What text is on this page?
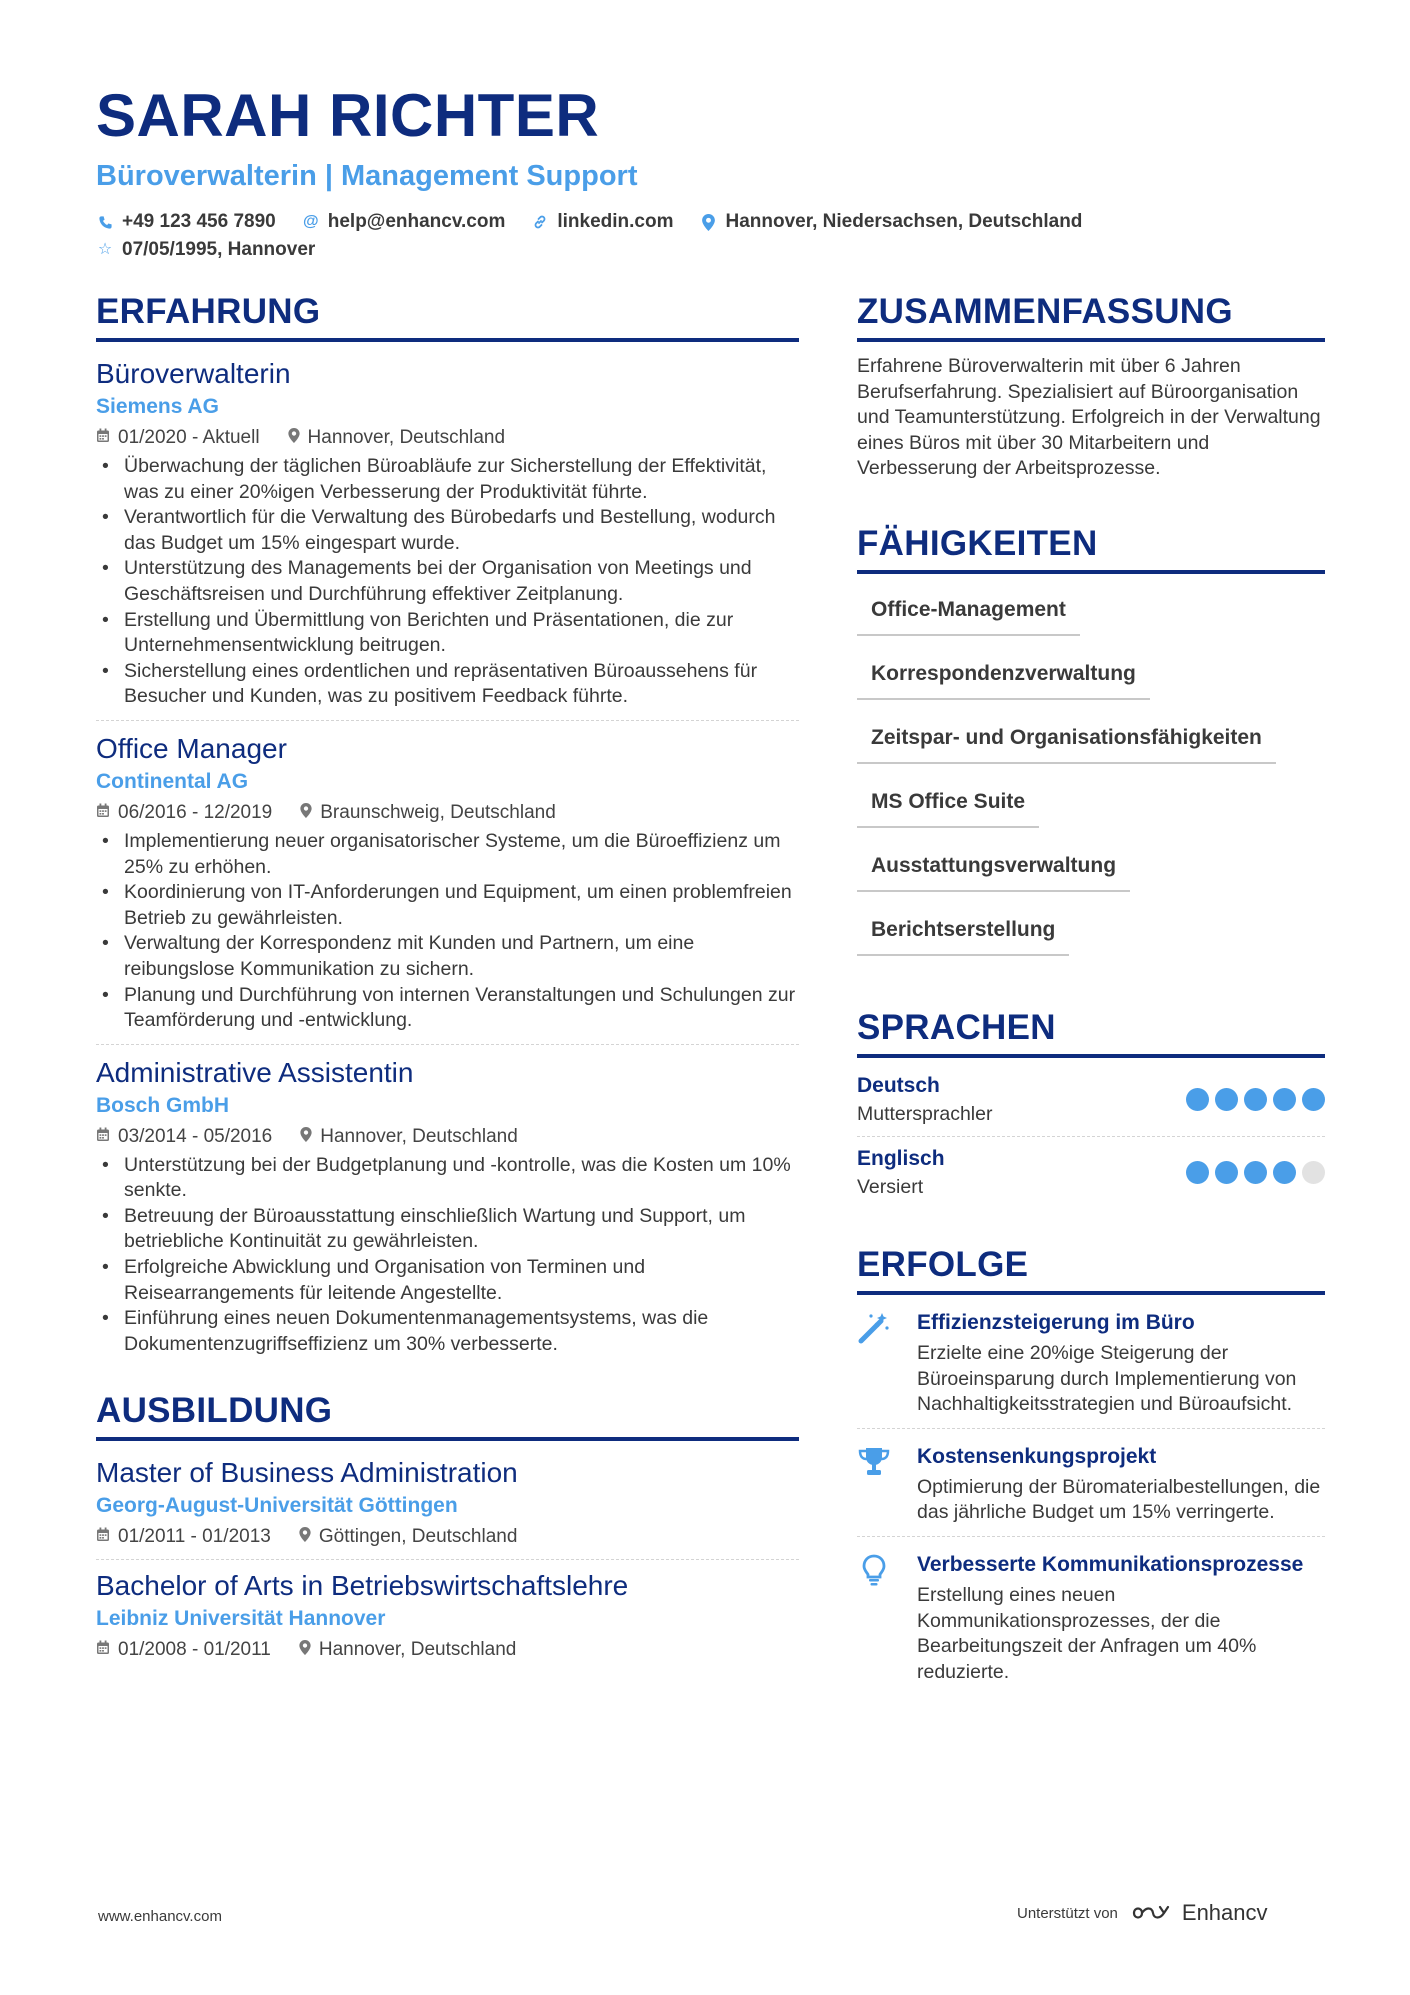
SARAH RICHTER
Büroverwalterin | Management Support
+49 123 456 7890 @ help@enhancv.com	linkedin.com	Hannover, Niedersachsen, Deutschland
☆ 07/05/1995, Hannover
ERFAHRUNG
Büroverwalterin
Siemens AG
01/2020 - Aktuell	Hannover, Deutschland
• Überwachung der täglichen Büroabläufe zur Sicherstellung der Effektivität, was zu einer 20%igen Verbesserung der Produktivität führte.
• Verantwortlich für die Verwaltung des Bürobedarfs und Bestellung, wodurch das Budget um 15% eingespart wurde.
• Unterstützung des Managements bei der Organisation von Meetings und Geschäftsreisen und Durchführung effektiver Zeitplanung.
• Erstellung und Übermittlung von Berichten und Präsentationen, die zur Unternehmensentwicklung beitrugen.
• Sicherstellung eines ordentlichen und repräsentativen Büroaussehens für Besucher und Kunden, was zu positivem Feedback führte.
Office Manager
Continental AG
06/2016 - 12/2019	Braunschweig, Deutschland
• Implementierung neuer organisatorischer Systeme, um die Büroeffizienz um 25% zu erhöhen.
• Koordinierung von IT-Anforderungen und Equipment, um einen problemfreien Betrieb zu gewährleisten.
• Verwaltung der Korrespondenz mit Kunden und Partnern, um eine reibungslose Kommunikation zu sichern.
• Planung und Durchführung von internen Veranstaltungen und Schulungen zur Teamförderung und -entwicklung.
Administrative Assistentin
Bosch GmbH
03/2014 - 05/2016	Hannover, Deutschland
• Unterstützung bei der Budgetplanung und -kontrolle, was die Kosten um 10% senkte.
• Betreuung der Büroausstattung einschließlich Wartung und Support, um betriebliche Kontinuität zu gewährleisten.
• Erfolgreiche Abwicklung und Organisation von Terminen und Reisearrangements für leitende Angestellte.
• Einführung eines neuen Dokumentenmanagementsystems, was die Dokumentenzugriffseffizienz um 30% verbesserte.
AUSBILDUNG
Master of Business Administration
Georg-August-Universität Göttingen
01/2011 - 01/2013	Göttingen, Deutschland
Bachelor of Arts in Betriebswirtschaftslehre
Leibniz Universität Hannover
01/2008 - 01/2011	Hannover, Deutschland
ZUSAMMENFASSUNG
Erfahrene Büroverwalterin mit über 6 Jahren Berufserfahrung. Spezialisiert auf Büroorganisation und Teamunterstützung. Erfolgreich in der Verwaltung eines Büros mit über 30 Mitarbeitern und Verbesserung der Arbeitsprozesse.
FÄHIGKEITEN
Office-Management
Korrespondenzverwaltung
Zeitspar- und Organisationsfähigkeiten
MS Office Suite
Ausstattungsverwaltung
Berichtserstellung
SPRACHEN
Deutsch
Muttersprachler
Englisch
Versiert
ERFOLGE
Effizienzsteigerung im Büro
Erzielte eine 20%ige Steigerung der Büroeinsparung durch Implementierung von Nachhaltigkeitsstrategien und Büroaufsicht.
Kostensenkungsprojekt
Optimierung der Büromaterialbestellungen, die das jährliche Budget um 15% verringerte.
Verbesserte Kommunikationsprozesse
Erstellung eines neuen Kommunikationsprozesses, der die Bearbeitungszeit der Anfragen um 40% reduzierte.
www.enhancv.com	Unterstützt von	Enhancv
